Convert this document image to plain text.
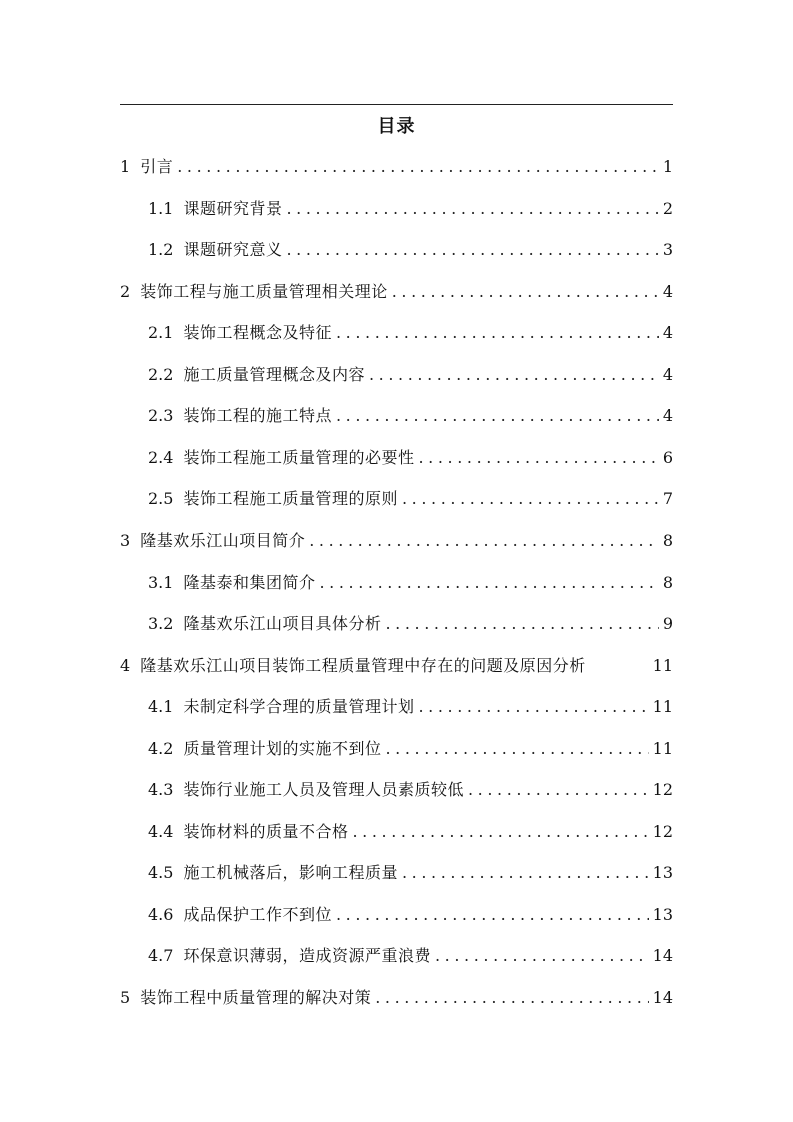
目录
1 引言 .....	1
1.1 课题研究背景 .....	2
1.2 课题研究意义 .....	3
2 装饰工程与施工质量管理相关理论 .....	4
2.1 装饰工程概念及特征 .....	4
2.2 施工质量管理概念及内容 .....	4
2.3 装饰工程的施工特点 .....	4
2.4 装饰工程施工质量管理的必要性 .....	6
2.5 装饰工程施工质量管理的原则 .....	7
3 隆基欢乐江山项目简介 .....	8
3.1 隆基泰和集团简介 .....	8
3.2 隆基欢乐江山项目具体分析 .....	9
4 隆基欢乐江山项目装饰工程质量管理中存在的问题及原因分析	11
4.1 未制定科学合理的质量管理计划 .....	11
4.2 质量管理计划的实施不到位 .....	11
4.3 装饰行业施工人员及管理人员素质较低 .....	12
4.4 装饰材料的质量不合格 .....	12
4.5 施工机械落后，影响工程质量 .....	13
4.6 成品保护工作不到位 .....	13
4.7 环保意识薄弱，造成资源严重浪费 .....	14
5 装饰工程中质量管理的解决对策 .....	14
